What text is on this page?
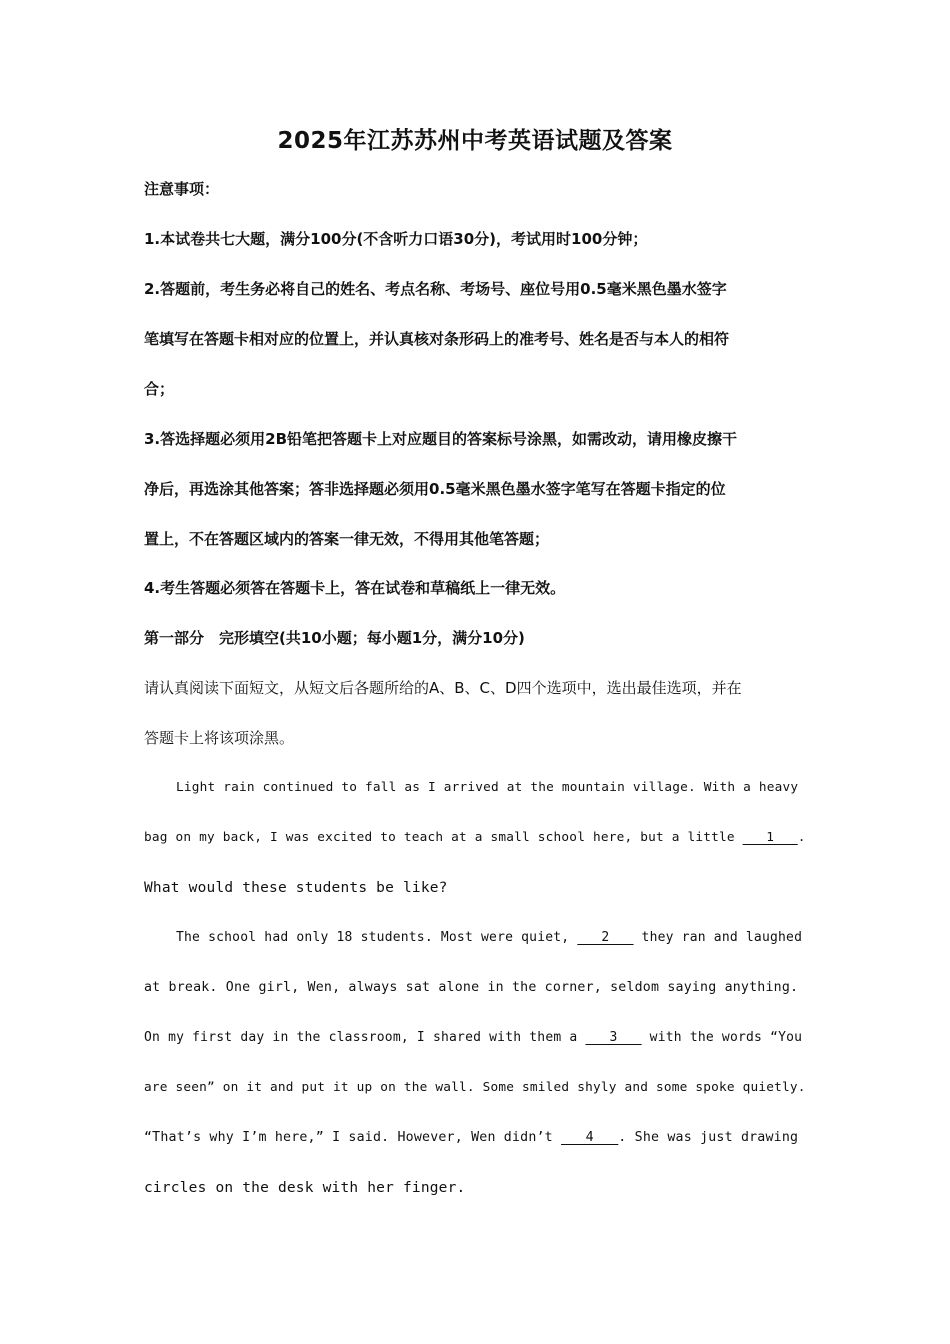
2025年江苏苏州中考英语试题及答案
注意事项：
1.本试卷共七大题，满分100分(不含听力口语30分)，考试用时100分钟；
2.答题前，考生务必将自己的姓名、考点名称、考场号、座位号用0.5毫米黑色墨水签字
笔填写在答题卡相对应的位置上，并认真核对条形码上的准考号、姓名是否与本人的相符
合；
3.答选择题必须用2B铅笔把答题卡上对应题目的答案标号涂黑，如需改动，请用橡皮擦干
净后，再选涂其他答案；答非选择题必须用0.5毫米黑色墨水签字笔写在答题卡指定的位
置上，不在答题区域内的答案一律无效，不得用其他笔答题；
4.考生答题必须答在答题卡上，答在试卷和草稿纸上一律无效。
第一部分　完形填空(共10小题；每小题1分，满分10分)
请认真阅读下面短文，从短文后各题所给的A、B、C、D四个选项中，选出最佳选项，并在
答题卡上将该项涂黑。
Light rain continued to fall as I arrived at the mountain village. With a heavy
bag on my back, I was excited to teach at a small school here, but a little    1   .
What would these students be like?
The school had only 18 students. Most were quiet,    2    they ran and laughed
at break. One girl, Wen, always sat alone in the corner, seldom saying anything.
On my first day in the classroom, I shared with them a    3    with the words “You
are seen” on it and put it up on the wall. Some smiled shyly and some spoke quietly.
“That’s why I’m here,” I said. However, Wen didn’t    4   . She was just drawing
circles on the desk with her finger.
